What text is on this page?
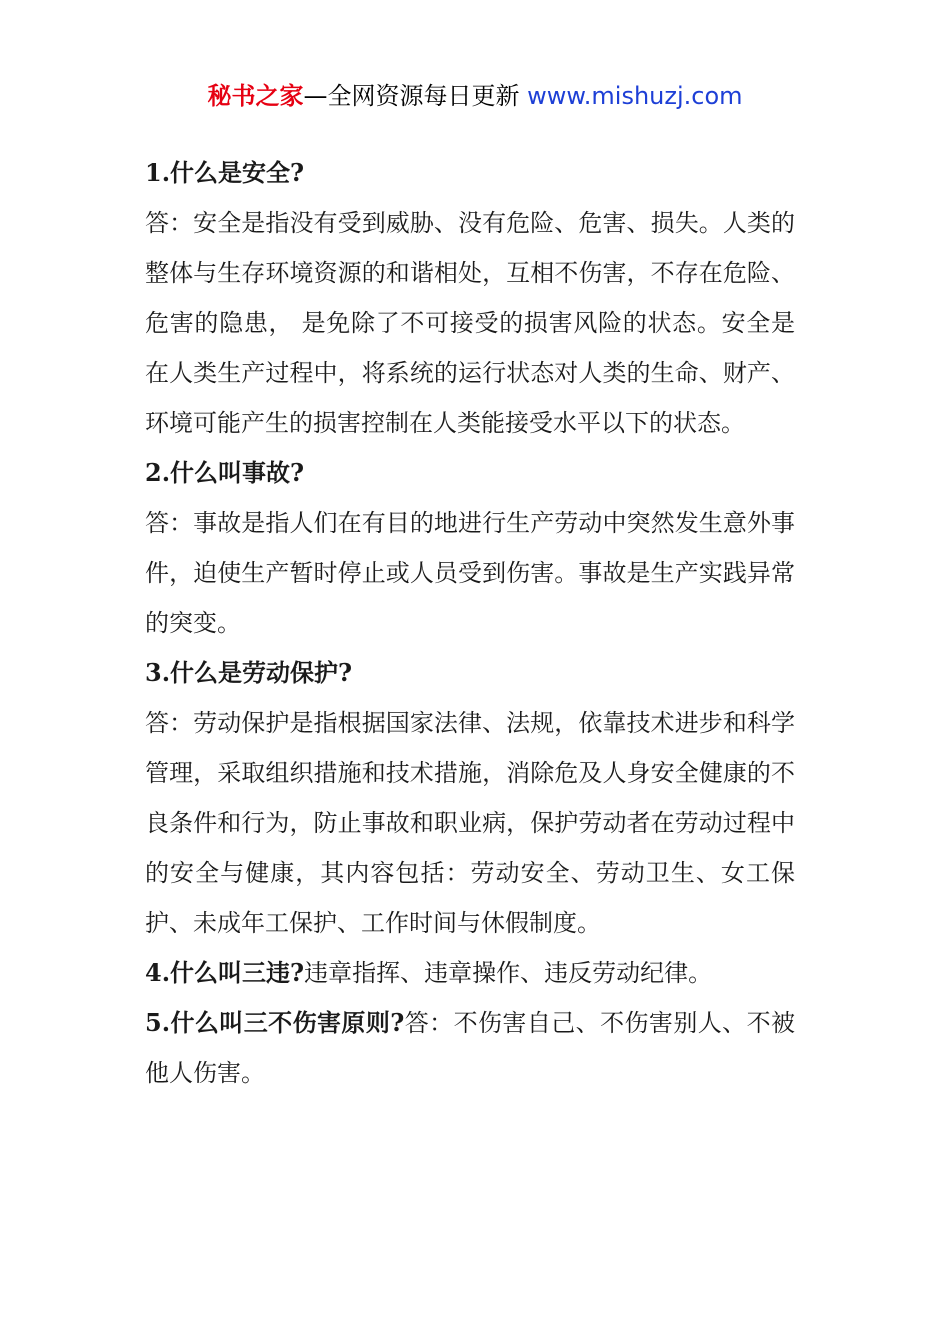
秘书之家—全网资源每日更新 www.mishuzj.com

1.什么是安全?

答：安全是指没有受到威胁、没有危险、危害、损失。人类的整体与生存环境资源的和谐相处，互相不伤害，不存在危险、危害的隐患， 是免除了不可接受的损害风险的状态。安全是在人类生产过程中，将系统的运行状态对人类的生命、财产、环境可能产生的损害控制在人类能接受水平以下的状态。

2.什么叫事故?

答：事故是指人们在有目的地进行生产劳动中突然发生意外事件，迫使生产暂时停止或人员受到伤害。事故是生产实践异常的突变。

3.什么是劳动保护?

答：劳动保护是指根据国家法律、法规，依靠技术进步和科学管理，采取组织措施和技术措施，消除危及人身安全健康的不良条件和行为，防止事故和职业病，保护劳动者在劳动过程中的安全与健康，其内容包括：劳动安全、劳动卫生、女工保护、未成年工保护、工作时间与休假制度。

4.什么叫三违?违章指挥、违章操作、违反劳动纪律。

5.什么叫三不伤害原则?答：不伤害自己、不伤害别人、不被他人伤害。
